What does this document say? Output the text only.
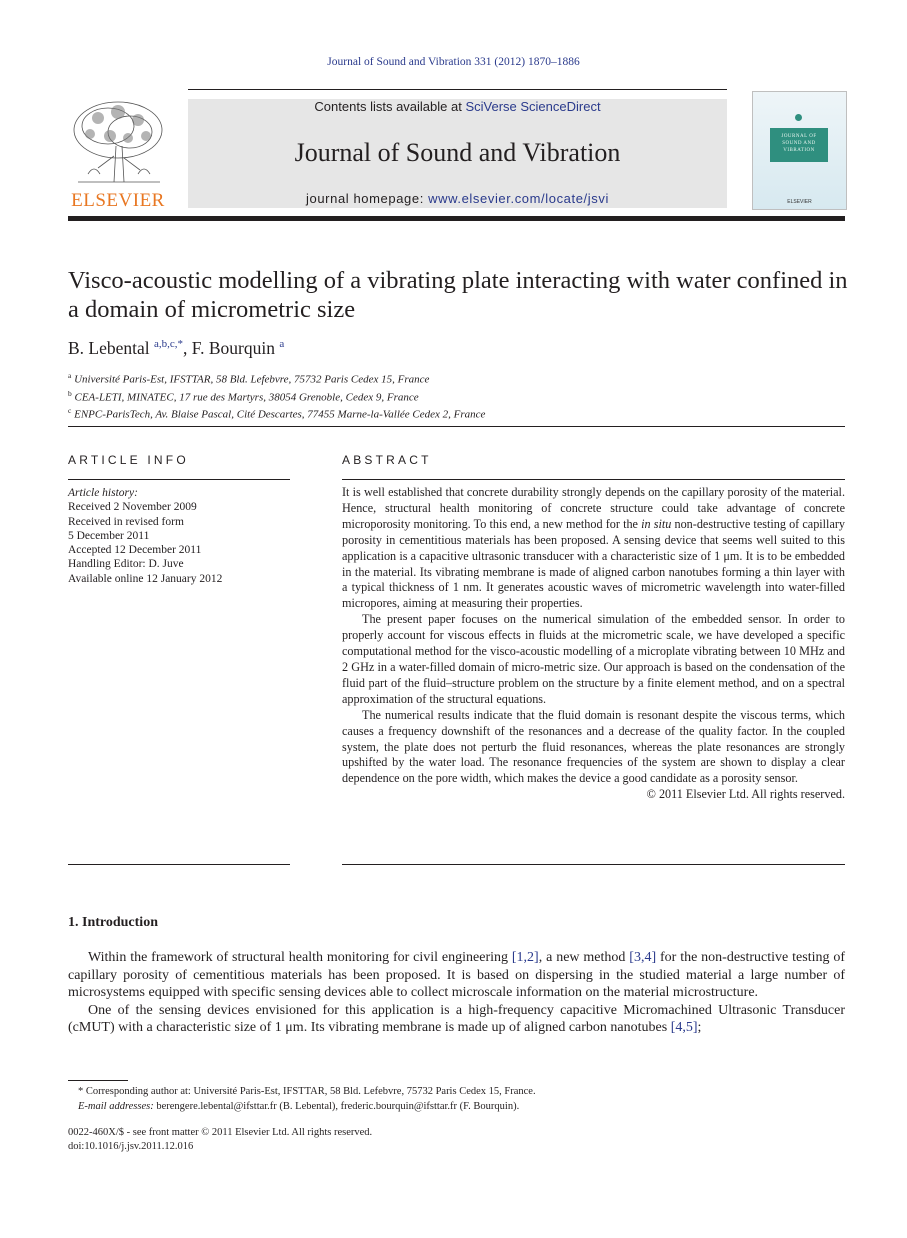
Journal of Sound and Vibration 331 (2012) 1870–1886
ELSEVIER
Contents lists available at SciVerse ScienceDirect
Journal of Sound and Vibration
journal homepage: www.elsevier.com/locate/jsvi
JOURNAL OF
SOUND AND
VIBRATION
ELSEVIER
Visco-acoustic modelling of a vibrating plate interacting with water confined in a domain of micrometric size
B. Lebental $^{a,b,c,*}$, F. Bourquin $^a$
$^a$ Université Paris-Est, IFSTTAR, 58 Bld. Lefebvre, 75732 Paris Cedex 15, France
$^b$ CEA-LETI, MINATEC, 17 rue des Martyrs, 38054 Grenoble, Cedex 9, France
$^c$ ENPC-ParisTech, Av. Blaise Pascal, Cité Descartes, 77455 Marne-la-Vallée Cedex 2, France
ARTICLE INFO
Article history:
Received 2 November 2009
Received in revised form
5 December 2011
Accepted 12 December 2011
Handling Editor: D. Juve
Available online 12 January 2012
ABSTRACT

It is well established that concrete durability strongly depends on the capillary porosity of the material. Hence, structural health monitoring of concrete structure could take advantage of concrete microporosity monitoring. To this end, a new method for the in situ non-destructive testing of capillary porosity in cementitious materials has been proposed. A sensing device that seems well suited to this application is a capacitive ultrasonic transducer with a characteristic size of 1 μm. It is to be embedded in the material. Its vibrating membrane is made of aligned carbon nanotubes forming a thin layer with a typical thickness of 1 nm. It generates acoustic waves of micrometric wavelength into water-filled micropores, aiming at measuring their properties.

The present paper focuses on the numerical simulation of the embedded sensor. In order to properly account for viscous effects in fluids at the micrometric scale, we have developed a specific computational method for the visco-acoustic modelling of a microplate vibrating between 10 MHz and 2 GHz in a water-filled domain of micro-metric size. Our approach is based on the condensation of the fluid part of the fluid–structure problem on the structure by a finite element method, and on a spectral approximation of the structural equations.

The numerical results indicate that the fluid domain is resonant despite the viscous terms, which causes a frequency downshift of the resonances and a decrease of the quality factor. In the coupled system, the plate does not perturb the fluid resonances, whereas the plate resonances are strongly upshifted by the water load. The resonance frequencies of the system are shown to display a clear dependence on the pore width, which makes the device a good candidate as a porosity sensor.

© 2011 Elsevier Ltd. All rights reserved.
1. Introduction

Within the framework of structural health monitoring for civil engineering [1,2], a new method [3,4] for the non-destructive testing of capillary porosity of cementitious materials has been proposed. It is based on dispersing in the studied material a large number of microsystems equipped with specific sensing devices able to collect microscale information on the material microstructure.

One of the sensing devices envisioned for this application is a high-frequency capacitive Micromachined Ultrasonic Transducer (cMUT) with a characteristic size of 1 μm. Its vibrating membrane is made up of aligned carbon nanotubes [4,5];

* Corresponding author at: Université Paris-Est, IFSTTAR, 58 Bld. Lefebvre, 75732 Paris Cedex 15, France.
E-mail addresses: berengere.lebental@ifsttar.fr (B. Lebental), frederic.bourquin@ifsttar.fr (F. Bourquin).
0022-460X/$ - see front matter © 2011 Elsevier Ltd. All rights reserved.
doi:10.1016/j.jsv.2011.12.016
